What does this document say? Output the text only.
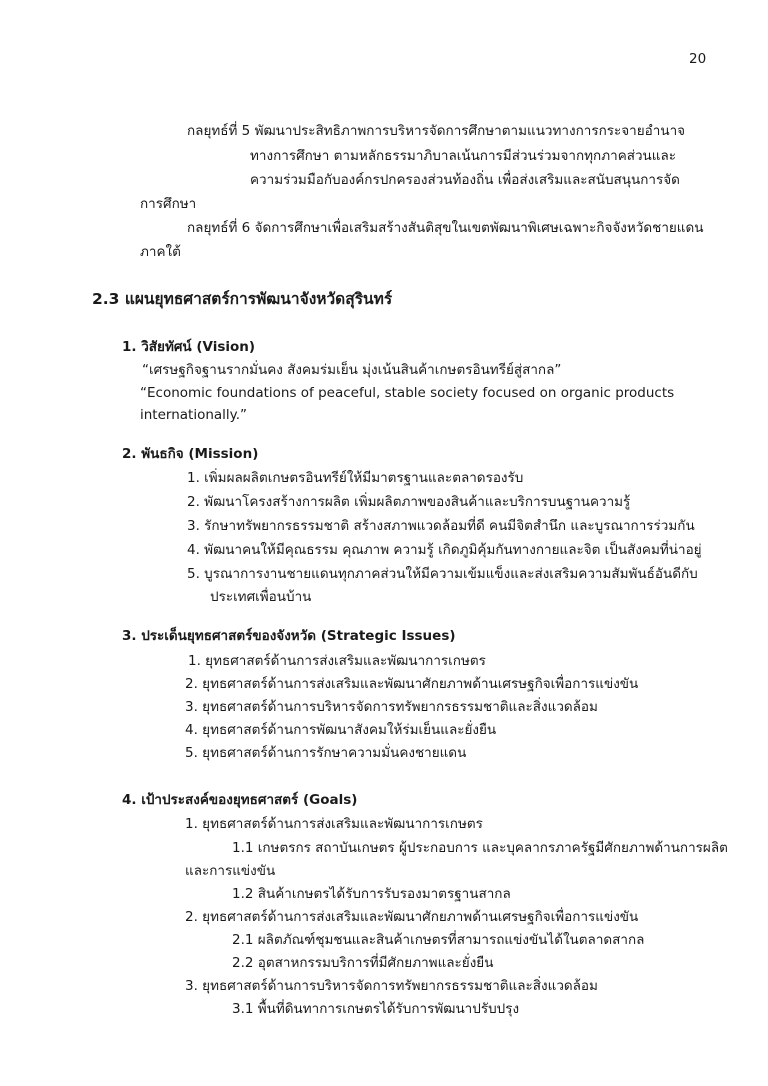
20
กลยุทธ์ที่ 5 พัฒนาประสิทธิภาพการบริหารจัดการศึกษาตามแนวทางการกระจายอำนาจ
ทางการศึกษา ตามหลักธรรมาภิบาลเน้นการมีส่วนร่วมจากทุกภาคส่วนและ
ความร่วมมือกับองค์กรปกครองส่วนท้องถิ่น เพื่อส่งเสริมและสนับสนุนการจัด
การศึกษา
กลยุทธ์ที่ 6 จัดการศึกษาเพื่อเสริมสร้างสันติสุขในเขตพัฒนาพิเศษเฉพาะกิจจังหวัดชายแดน
ภาคใต้
2.3 แผนยุทธศาสตร์การพัฒนาจังหวัดสุรินทร์
1. วิสัยทัศน์ (Vision)
“เศรษฐกิจฐานรากมั่นคง สังคมร่มเย็น มุ่งเน้นสินค้าเกษตรอินทรีย์สู่สากล”
“Economic foundations of peaceful, stable society focused on organic products
internationally.”
2. พันธกิจ (Mission)
1. เพิ่มผลผลิตเกษตรอินทรีย์ให้มีมาตรฐานและตลาดรองรับ
2. พัฒนาโครงสร้างการผลิต เพิ่มผลิตภาพของสินค้าและบริการบนฐานความรู้
3. รักษาทรัพยากรธรรมชาติ สร้างสภาพแวดล้อมที่ดี คนมีจิตสำนึก และบูรณาการร่วมกัน
4. พัฒนาคนให้มีคุณธรรม คุณภาพ ความรู้ เกิดภูมิคุ้มกันทางกายและจิต เป็นสังคมที่น่าอยู่
5. บูรณาการงานชายแดนทุกภาคส่วนให้มีความเข้มแข็งและส่งเสริมความสัมพันธ์อันดีกับ
ประเทศเพื่อนบ้าน
3. ประเด็นยุทธศาสตร์ของจังหวัด (Strategic Issues)
1. ยุทธศาสตร์ด้านการส่งเสริมและพัฒนาการเกษตร
2. ยุทธศาสตร์ด้านการส่งเสริมและพัฒนาศักยภาพด้านเศรษฐกิจเพื่อการแข่งขัน
3. ยุทธศาสตร์ด้านการบริหารจัดการทรัพยากรธรรมชาติและสิ่งแวดล้อม
4. ยุทธศาสตร์ด้านการพัฒนาสังคมให้ร่มเย็นและยั่งยืน
5. ยุทธศาสตร์ด้านการรักษาความมั่นคงชายแดน
4. เป้าประสงค์ของยุทธศาสตร์ (Goals)
1. ยุทธศาสตร์ด้านการส่งเสริมและพัฒนาการเกษตร
1.1 เกษตรกร สถาบันเกษตร ผู้ประกอบการ และบุคลากรภาครัฐมีศักยภาพด้านการผลิต
และการแข่งขัน
1.2 สินค้าเกษตรได้รับการรับรองมาตรฐานสากล
2. ยุทธศาสตร์ด้านการส่งเสริมและพัฒนาศักยภาพด้านเศรษฐกิจเพื่อการแข่งขัน
2.1 ผลิตภัณฑ์ชุมชนและสินค้าเกษตรที่สามารถแข่งขันได้ในตลาดสากล
2.2 อุตสาหกรรมบริการที่มีศักยภาพและยั่งยืน
3. ยุทธศาสตร์ด้านการบริหารจัดการทรัพยากรธรรมชาติและสิ่งแวดล้อม
3.1 พื้นที่ดินทาการเกษตรได้รับการพัฒนาปรับปรุง
